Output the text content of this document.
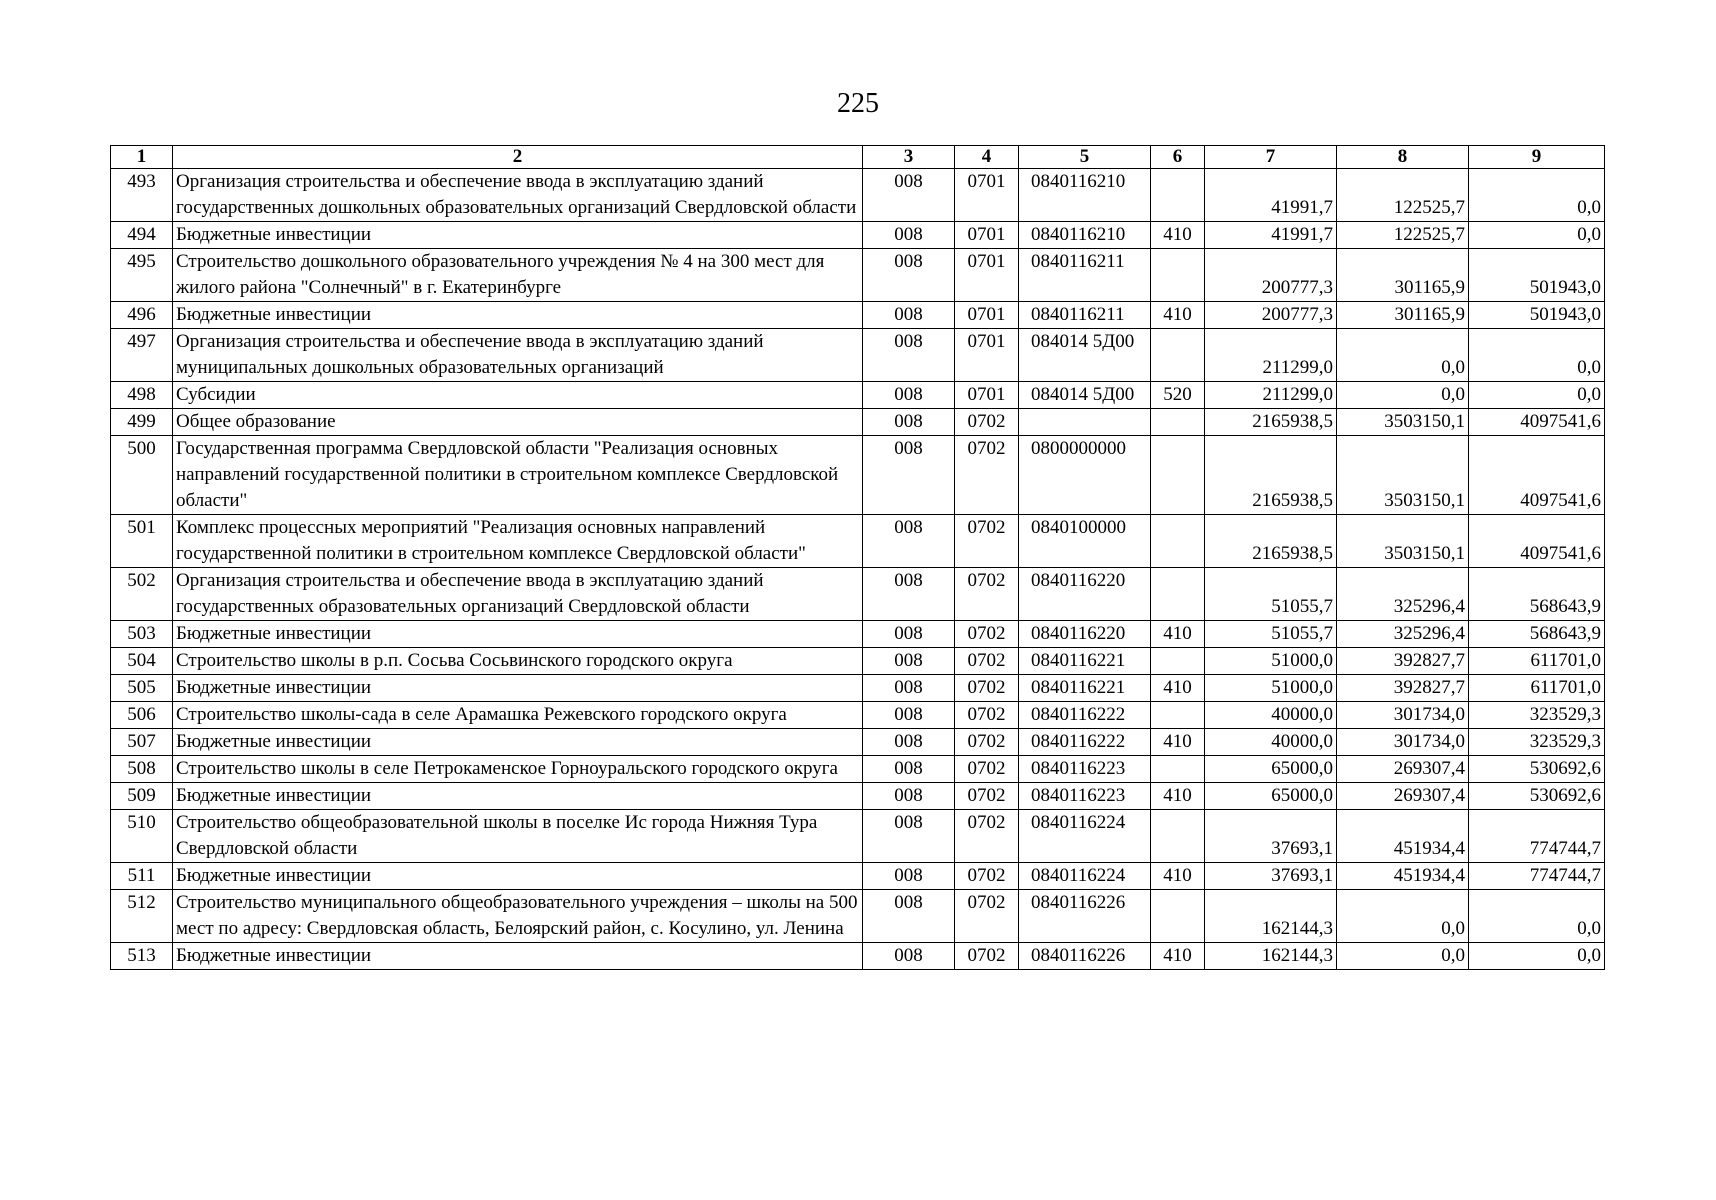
225
1	2	3	4	5	6	7	8	9
493	Организация строительства и обеспечение ввода в эксплуатацию зданий государственных дошкольных образовательных организаций Свердловской области	008	0701	0840116210		41991,7	122525,7	0,0
494	Бюджетные инвестиции	008	0701	0840116210	410	41991,7	122525,7	0,0
495	Строительство дошкольного образовательного учреждения № 4 на 300 мест для жилого района "Солнечный" в г. Екатеринбурге	008	0701	0840116211		200777,3	301165,9	501943,0
496	Бюджетные инвестиции	008	0701	0840116211	410	200777,3	301165,9	501943,0
497	Организация строительства и обеспечение ввода в эксплуатацию зданий муниципальных дошкольных образовательных организаций	008	0701	084014 5Д00		211299,0	0,0	0,0
498	Субсидии	008	0701	084014 5Д00	520	211299,0	0,0	0,0
499	Общее образование	008	0702			2165938,5	3503150,1	4097541,6
500	Государственная программа Свердловской области "Реализация основных направлений государственной политики в строительном комплексе Свердловской области"	008	0702	0800000000		2165938,5	3503150,1	4097541,6
501	Комплекс процессных мероприятий "Реализация основных направлений государственной политики в строительном комплексе Свердловской области"	008	0702	0840100000		2165938,5	3503150,1	4097541,6
502	Организация строительства и обеспечение ввода в эксплуатацию зданий государственных образовательных организаций Свердловской области	008	0702	0840116220		51055,7	325296,4	568643,9
503	Бюджетные инвестиции	008	0702	0840116220	410	51055,7	325296,4	568643,9
504	Строительство школы в р.п. Сосьва Сосьвинского городского округа	008	0702	0840116221		51000,0	392827,7	611701,0
505	Бюджетные инвестиции	008	0702	0840116221	410	51000,0	392827,7	611701,0
506	Строительство школы-сада в селе Арамашка Режевского городского округа	008	0702	0840116222		40000,0	301734,0	323529,3
507	Бюджетные инвестиции	008	0702	0840116222	410	40000,0	301734,0	323529,3
508	Строительство школы в селе Петрокаменское Горноуральского городского округа	008	0702	0840116223		65000,0	269307,4	530692,6
509	Бюджетные инвестиции	008	0702	0840116223	410	65000,0	269307,4	530692,6
510	Строительство общеобразовательной школы в поселке Ис города Нижняя Тура Свердловской области	008	0702	0840116224		37693,1	451934,4	774744,7
511	Бюджетные инвестиции	008	0702	0840116224	410	37693,1	451934,4	774744,7
512	Строительство муниципального общеобразовательного учреждения – школы на 500 мест по адресу: Свердловская область, Белоярский район, с. Косулино, ул. Ленина	008	0702	0840116226		162144,3	0,0	0,0
513	Бюджетные инвестиции	008	0702	0840116226	410	162144,3	0,0	0,0
